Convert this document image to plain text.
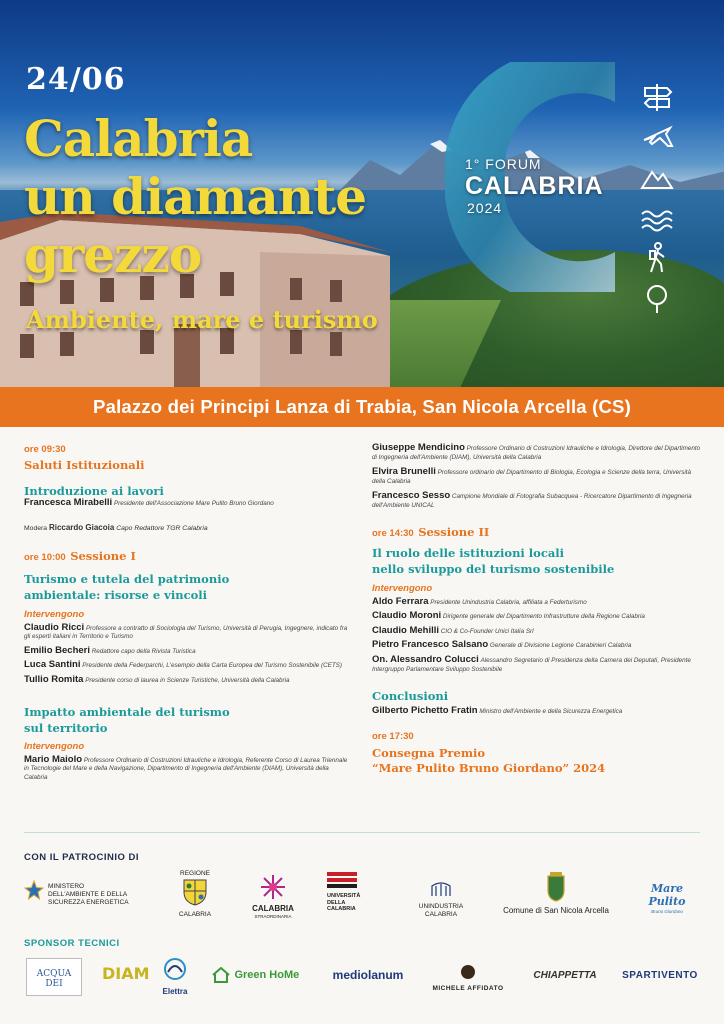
1° FORUM
CALABRIA
2024
24/06
Calabria
un diamante
grezzo
Ambiente, mare e turismo
Palazzo dei Principi Lanza di Trabia, San Nicola Arcella (CS)
ore 09:30
Saluti Istituzionali
Introduzione ai lavori
Francesca Mirabelli Presidente dell'Associazione Mare Pulito Bruno Giordano
Modera Riccardo Giacoia Capo Redattore TGR Calabria
ore 10:00 Sessione I
Turismo e tutela del patrimonio
ambientale: risorse e vincoli
Intervengono
Claudio Ricci Professore a contratto di Sociologia del Turismo, Università di Perugia, Ingegnere, indicato fra gli esperti italiani in Territorio e Turismo
Emilio Becheri Redattore capo della Rivista Turistica
Luca Santini Presidente della Federparchi, L'esempio della Carta Europea del Turismo Sostenibile (CETS)
Tullio Romita Presidente corso di laurea in Scienze Turistiche, Università della Calabria
Impatto ambientale del turismo
sul territorio
Intervengono
Mario Maiolo Professore Ordinario di Costruzioni Idrauliche e Idrologia, Referente Corso di Laurea Triennale in Tecnologie del Mare e della Navigazione, Dipartimento di Ingegneria dell'Ambiente (DIAM), Università della Calabria
Giuseppe Mendicino Professore Ordinario di Costruzioni Idrauliche e Idrologia, Direttore del Dipartimento di Ingegneria dell'Ambiente (DIAM), Università della Calabria
Elvira Brunelli Professore ordinario del Dipartimento di Biologia, Ecologia e Scienze della terra, Università della Calabria
Francesco Sesso Campione Mondiale di Fotografia Subacquea - Ricercatore Dipartimento di Ingegneria dell'Ambiente UNICAL
ore 14:30 Sessione II
Il ruolo delle istituzioni locali
nello sviluppo del turismo sostenibile
Intervengono
Aldo Ferrara Presidente Unindustria Calabria, affiliata a Federturismo
Claudio Moroni Dirigente generale del Dipartimento Infrastrutture della Regione Calabria
Claudio Mehilli CIO & Co-Founder Unici Italia Srl
Pietro Francesco Salsano Generale di Divisione Legione Carabinieri Calabria
On. Alessandro Colucci Alessandro Segretario di Presidenza della Camera dei Deputati, Presidente Intergruppo Parlamentare Sviluppo Sostenibile
Conclusioni
Gilberto Pichetto Fratin Ministro dell'Ambiente e della Sicurezza Energetica
ore 17:30
Consegna Premio
“Mare Pulito Bruno Giordano” 2024
CON IL PATROCINIO DI
MINISTERO DELL'AMBIENTE E DELLA SICUREZZA ENERGETICA
REGIONE
CALABRIA
CALABRIA
STRAORDINARIA
UNIVERSITÀ DELLA CALABRIA	UNINDUSTRIA CALABRIA	Comune di San Nicola Arcella
Mare Pulito
Bruno Giordano
SPONSOR TECNICI
ACQUA DEI
DIAM
Elettra
Green HoMe	mediolanum
MICHELE AFFIDATO
CHIAPPETTA	SPARTIVENTO
